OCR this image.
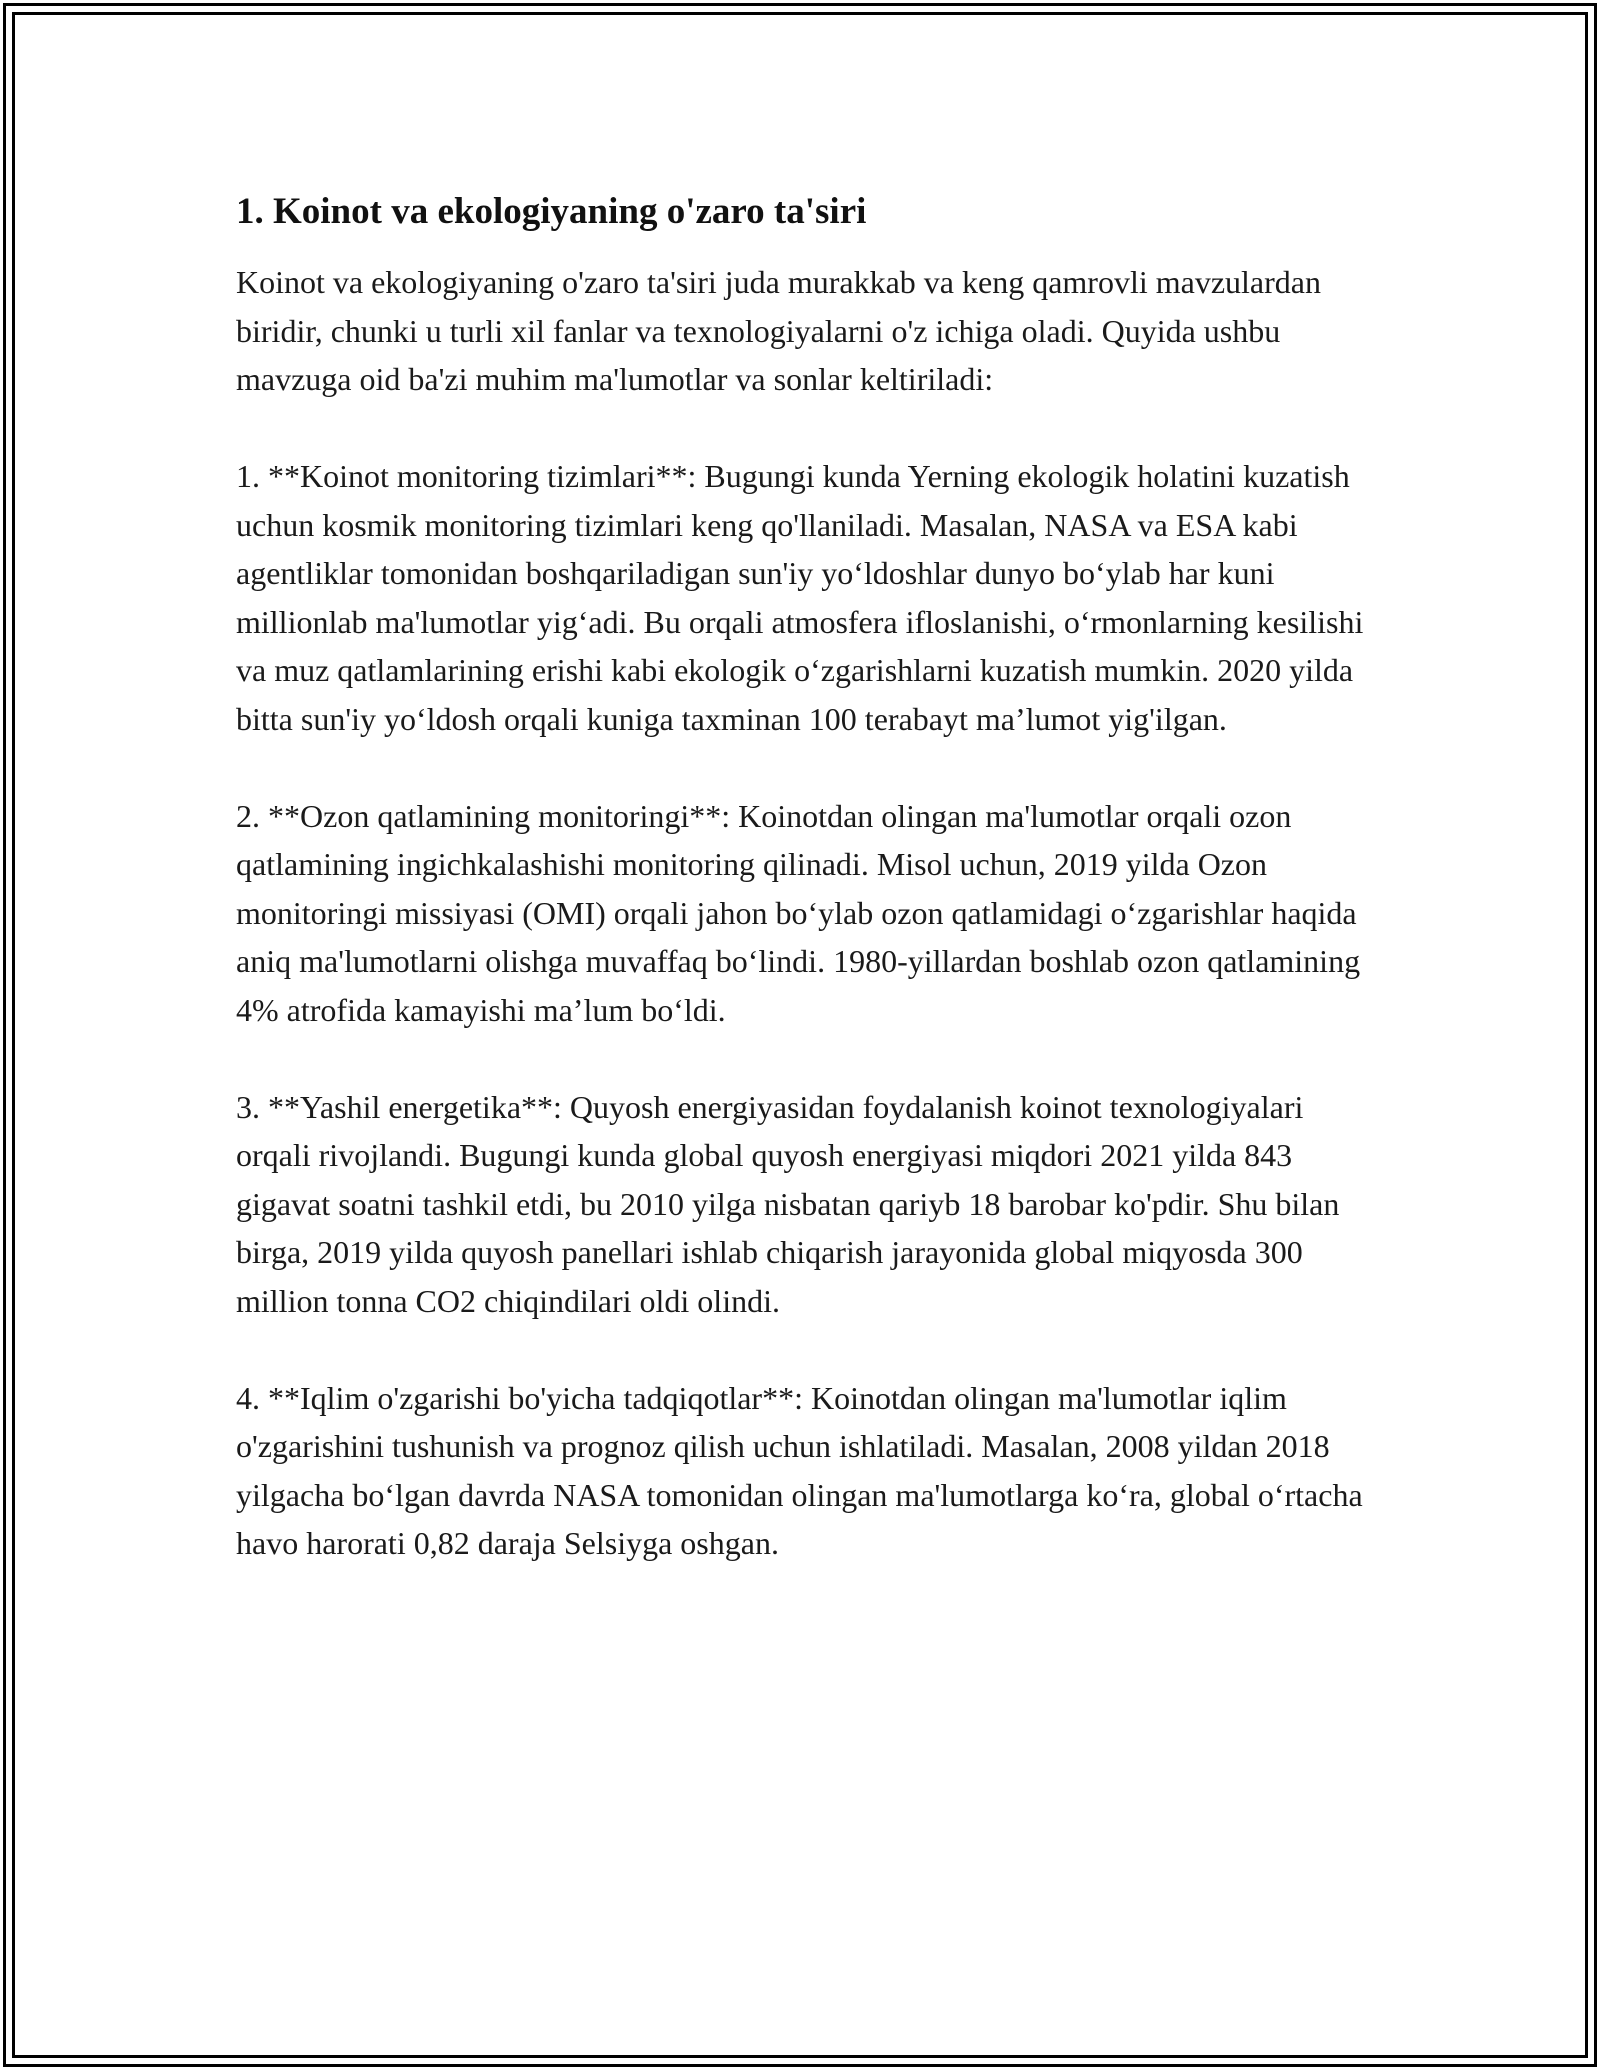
1. Koinot va ekologiyaning o'zaro ta'siri

Koinot va ekologiyaning o'zaro ta'siri juda murakkab va keng qamrovli mavzulardan biridir, chunki u turli xil fanlar va texnologiyalarni o'z ichiga oladi. Quyida ushbu mavzuga oid ba'zi muhim ma'lumotlar va sonlar keltiriladi:

1. **Koinot monitoring tizimlari**: Bugungi kunda Yerning ekologik holatini kuzatish uchun kosmik monitoring tizimlari keng qo'llaniladi. Masalan, NASA va ESA kabi agentliklar tomonidan boshqariladigan sun'iy yo‘ldoshlar dunyo bo‘ylab har kuni millionlab ma'lumotlar yig‘adi. Bu orqali atmosfera ifloslanishi, o‘rmonlarning kesilishi va muz qatlamlarining erishi kabi ekologik o‘zgarishlarni kuzatish mumkin. 2020 yilda bitta sun'iy yo‘ldosh orqali kuniga taxminan 100 terabayt ma’lumot yig'ilgan.

2. **Ozon qatlamining monitoringi**: Koinotdan olingan ma'lumotlar orqali ozon qatlamining ingichkalashishi monitoring qilinadi. Misol uchun, 2019 yilda Ozon monitoringi missiyasi (OMI) orqali jahon bo‘ylab ozon qatlamidagi o‘zgarishlar haqida aniq ma'lumotlarni olishga muvaffaq bo‘lindi. 1980-yillardan boshlab ozon qatlamining 4% atrofida kamayishi ma’lum bo‘ldi.

3. **Yashil energetika**: Quyosh energiyasidan foydalanish koinot texnologiyalari orqali rivojlandi. Bugungi kunda global quyosh energiyasi miqdori 2021 yilda 843 gigavat soatni tashkil etdi, bu 2010 yilga nisbatan qariyb 18 barobar ko'pdir. Shu bilan birga, 2019 yilda quyosh panellari ishlab chiqarish jarayonida global miqyosda 300 million tonna CO2 chiqindilari oldi olindi.

4. **Iqlim o'zgarishi bo'yicha tadqiqotlar**: Koinotdan olingan ma'lumotlar iqlim o'zgarishini tushunish va prognoz qilish uchun ishlatiladi. Masalan, 2008 yildan 2018 yilgacha bo‘lgan davrda NASA tomonidan olingan ma'lumotlarga ko‘ra, global o‘rtacha havo harorati 0,82 daraja Selsiyga oshgan.
